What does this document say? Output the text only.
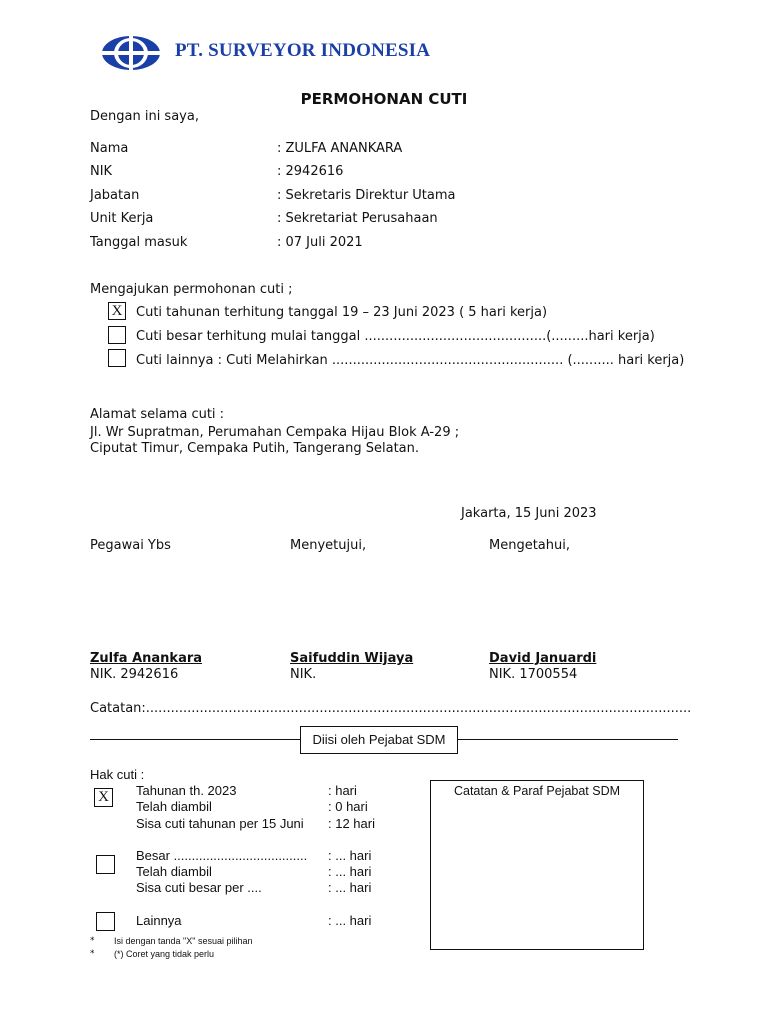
PT. SURVEYOR INDONESIA
PERMOHONAN CUTI
Dengan ini saya,
Nama	: ZULFA ANANKARA
NIK	: 2942616
Jabatan	: Sekretaris Direktur Utama
Unit Kerja	: Sekretariat Perusahaan
Tanggal masuk	: 07 Juli 2021
Mengajukan permohonan cuti ;
X Cuti tahunan terhitung tanggal 19 – 23 Juni 2023 ( 5 hari kerja)
Cuti besar terhitung mulai tanggal ............................................(.........hari kerja)
Cuti lainnya : Cuti Melahirkan ........................................................ (.......... hari kerja)
Alamat selama cuti :
Jl. Wr Supratman, Perumahan Cempaka Hijau Blok A-29 ;
Ciputat Timur, Cempaka Putih, Tangerang Selatan.
Jakarta, 15 Juni 2023
Pegawai Ybs	Menyetujui,	Mengetahui,
Zulfa Anankara	Saifuddin Wijaya	David Januardi
NIK. 2942616	NIK.	NIK. 1700554
Catatan:....................................................................................................................................
Diisi oleh Pejabat SDM
Hak cuti :
X	Tahunan th. 2023	: hari
Telah diambil	: 0 hari
Sisa cuti tahunan per 15 Juni : 12 hari
Besar ..................................... : ... hari
Telah diambil	: ... hari
Sisa cuti besar per ....	: ... hari
Lainnya	: ... hari
Catatan & Paraf Pejabat SDM
* Isi dengan tanda "X" sesuai pilihan
* (*) Coret yang tidak perlu
